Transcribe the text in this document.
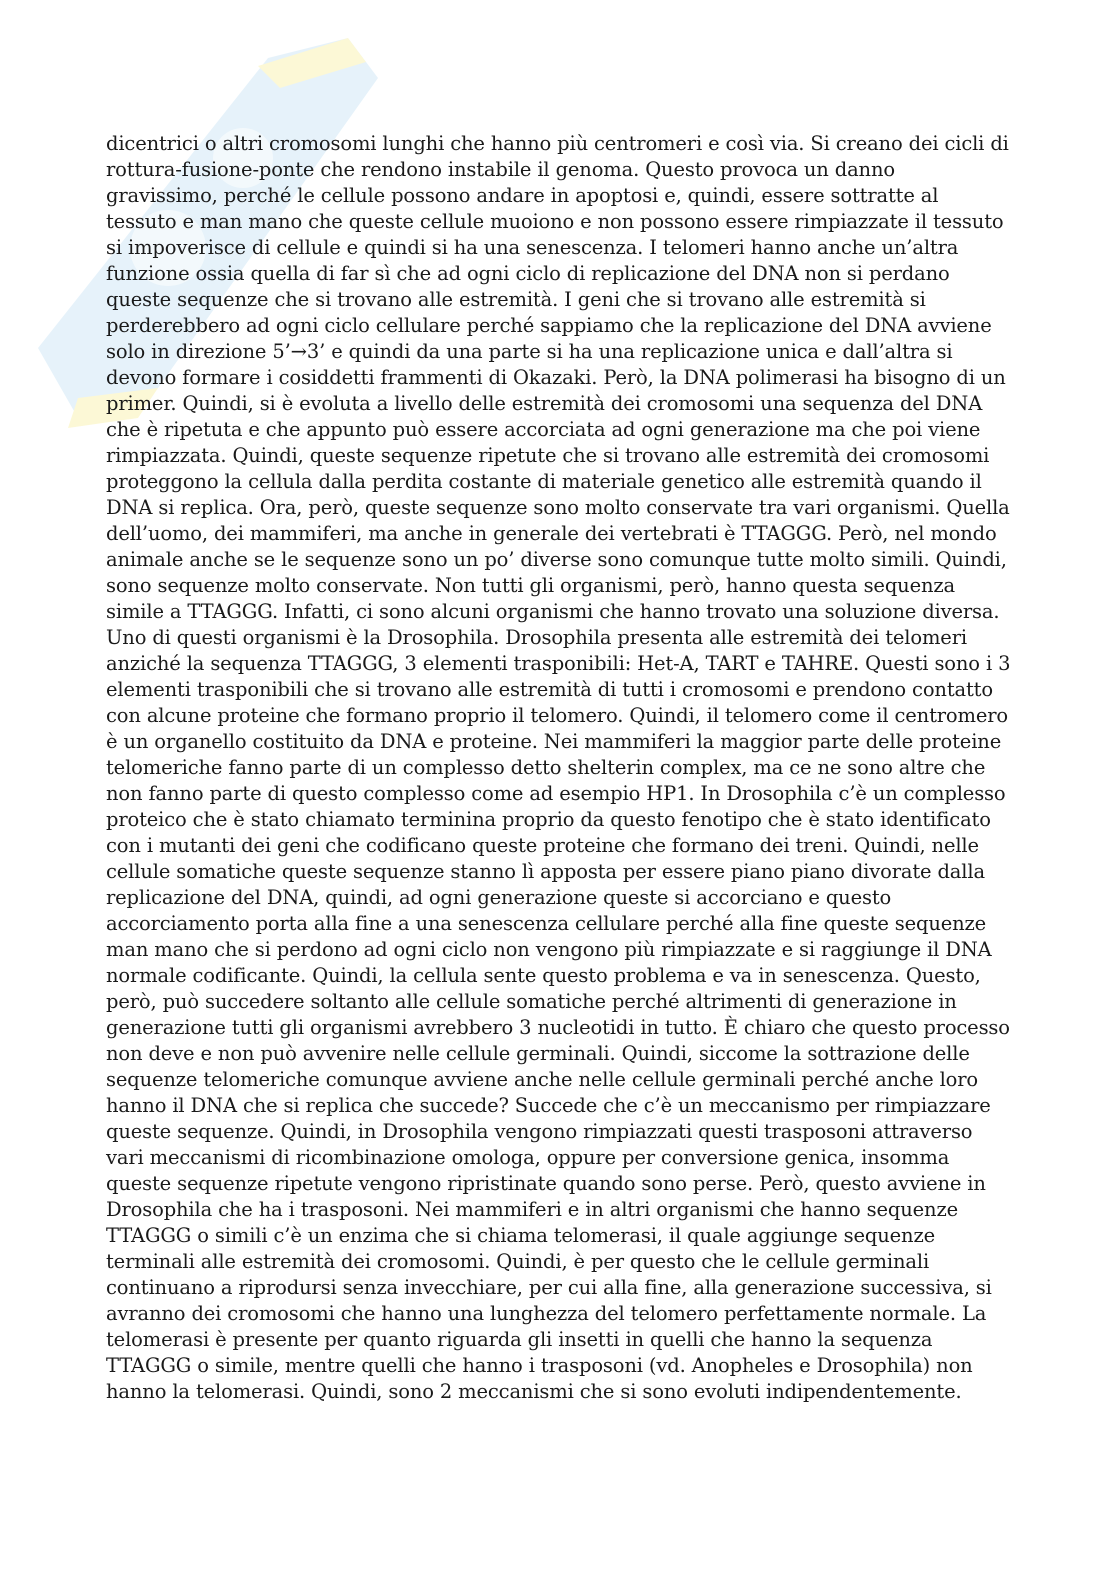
dicentrici o altri cromosomi lunghi che hanno più centromeri e così via. Si creano dei cicli di rottura-fusione-ponte che rendono instabile il genoma. Questo provoca un danno gravissimo, perché le cellule possono andare in apoptosi e, quindi, essere sottratte al tessuto e man mano che queste cellule muoiono e non possono essere rimpiazzate il tessuto si impoverisce di cellule e quindi si ha una senescenza. I telomeri hanno anche un’altra funzione ossia quella di far sì che ad ogni ciclo di replicazione del DNA non si perdano queste sequenze che si trovano alle estremità. I geni che si trovano alle estremità si perderebbero ad ogni ciclo cellulare perché sappiamo che la replicazione del DNA avviene solo in direzione 5’→3’ e quindi da una parte si ha una replicazione unica e dall’altra si devono formare i cosiddetti frammenti di Okazaki. Però, la DNA polimerasi ha bisogno di un primer. Quindi, si è evoluta a livello delle estremità dei cromosomi una sequenza del DNA che è ripetuta e che appunto può essere accorciata ad ogni generazione ma che poi viene rimpiazzata. Quindi, queste sequenze ripetute che si trovano alle estremità dei cromosomi proteggono la cellula dalla perdita costante di materiale genetico alle estremità quando il DNA si replica. Ora, però, queste sequenze sono molto conservate tra vari organismi. Quella dell’uomo, dei mammiferi, ma anche in generale dei vertebrati è TTAGGG. Però, nel mondo animale anche se le sequenze sono un po’ diverse sono comunque tutte molto simili. Quindi, sono sequenze molto conservate. Non tutti gli organismi, però, hanno questa sequenza simile a TTAGGG. Infatti, ci sono alcuni organismi che hanno trovato una soluzione diversa. Uno di questi organismi è la Drosophila. Drosophila presenta alle estremità dei telomeri anziché la sequenza TTAGGG, 3 elementi trasponibili: Het-A, TART e TAHRE. Questi sono i 3 elementi trasponibili che si trovano alle estremità di tutti i cromosomi e prendono contatto con alcune proteine che formano proprio il telomero. Quindi, il telomero come il centromero è un organello costituito da DNA e proteine. Nei mammiferi la maggior parte delle proteine telomeriche fanno parte di un complesso detto shelterin complex, ma ce ne sono altre che non fanno parte di questo complesso come ad esempio HP1. In Drosophila c’è un complesso proteico che è stato chiamato terminina proprio da questo fenotipo che è stato identificato con i mutanti dei geni che codificano queste proteine che formano dei treni. Quindi, nelle cellule somatiche queste sequenze stanno lì apposta per essere piano piano divorate dalla replicazione del DNA, quindi, ad ogni generazione queste si accorciano e questo accorciamento porta alla fine a una senescenza cellulare perché alla fine queste sequenze man mano che si perdono ad ogni ciclo non vengono più rimpiazzate e si raggiunge il DNA normale codificante. Quindi, la cellula sente questo problema e va in senescenza. Questo, però, può succedere soltanto alle cellule somatiche perché altrimenti di generazione in generazione tutti gli organismi avrebbero 3 nucleotidi in tutto. È chiaro che questo processo non deve e non può avvenire nelle cellule germinali. Quindi, siccome la sottrazione delle sequenze telomeriche comunque avviene anche nelle cellule germinali perché anche loro hanno il DNA che si replica che succede? Succede che c’è un meccanismo per rimpiazzare queste sequenze. Quindi, in Drosophila vengono rimpiazzati questi trasposoni attraverso vari meccanismi di ricombinazione omologa, oppure per conversione genica, insomma queste sequenze ripetute vengono ripristinate quando sono perse. Però, questo avviene in Drosophila che ha i trasposoni. Nei mammiferi e in altri organismi che hanno sequenze TTAGGG o simili c’è un enzima che si chiama telomerasi, il quale aggiunge sequenze terminali alle estremità dei cromosomi. Quindi, è per questo che le cellule germinali continuano a riprodursi senza invecchiare, per cui alla fine, alla generazione successiva, si avranno dei cromosomi che hanno una lunghezza del telomero perfettamente normale. La telomerasi è presente per quanto riguarda gli insetti in quelli che hanno la sequenza TTAGGG o simile, mentre quelli che hanno i trasposoni (vd. Anopheles e Drosophila) non hanno la telomerasi. Quindi, sono 2 meccanismi che si sono evoluti indipendentemente.
